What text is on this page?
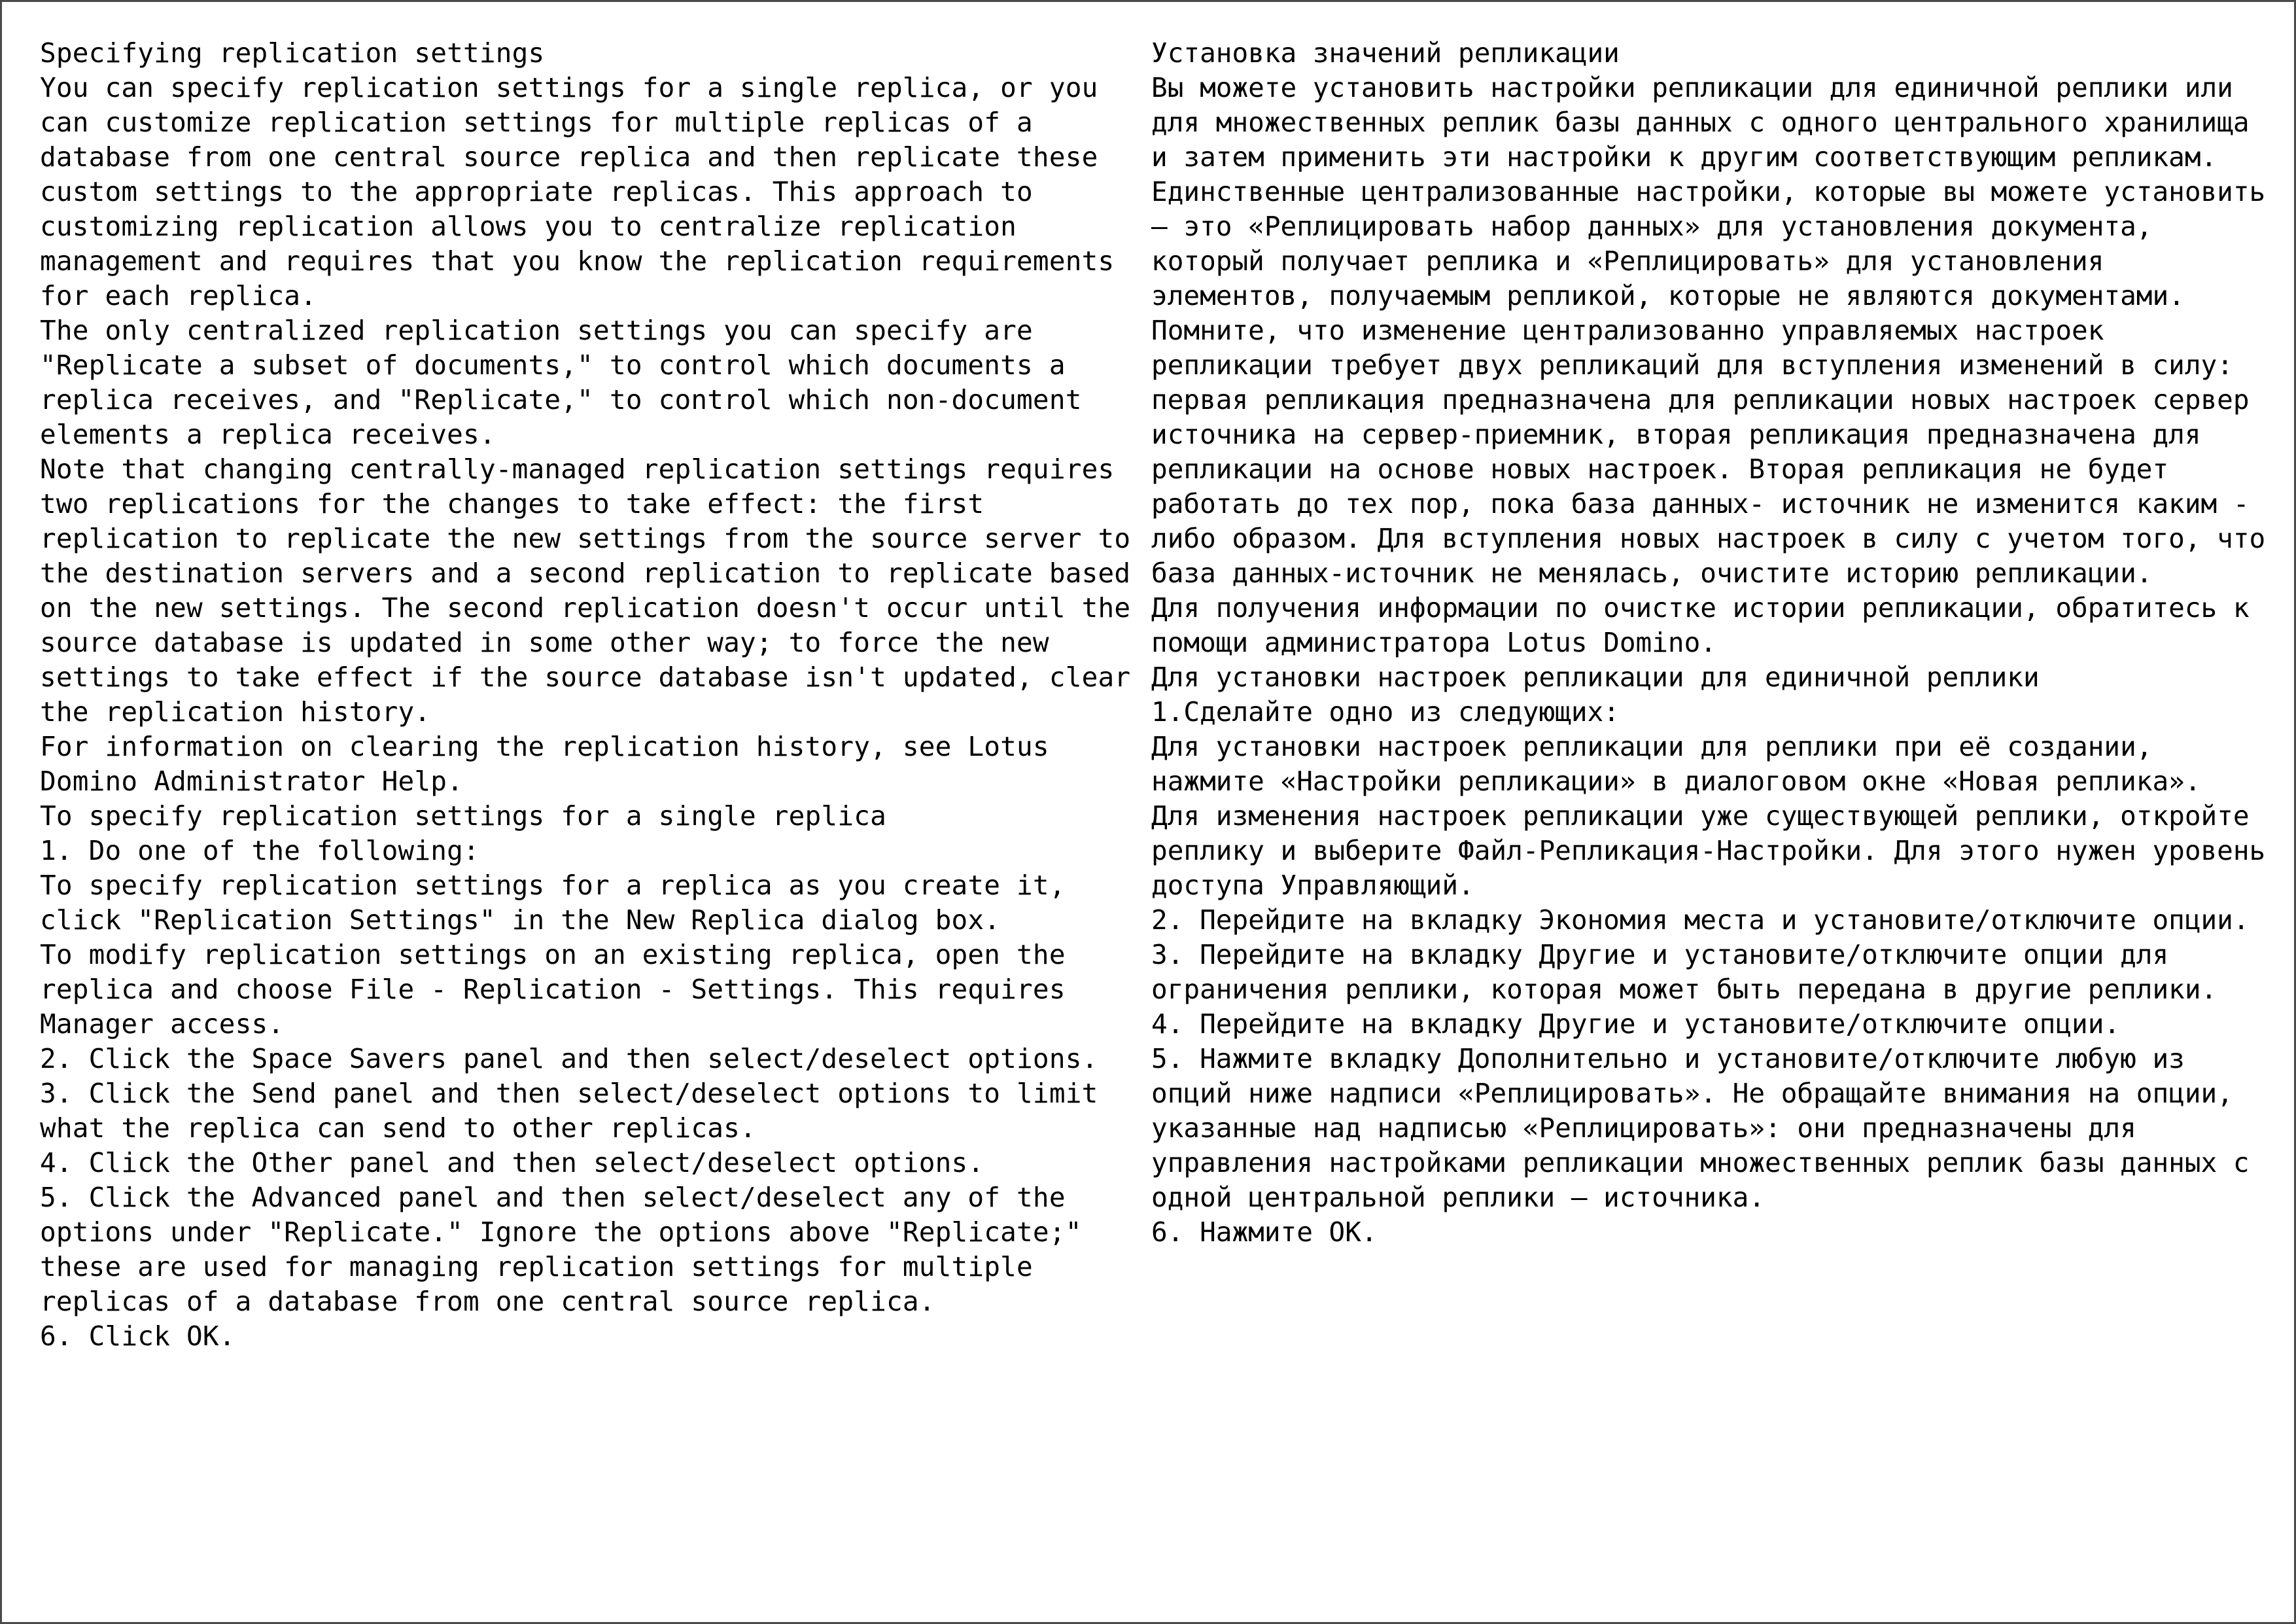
Specifying replication settings
You can specify replication settings for a single replica, or you can customize replication settings for multiple replicas of a database from one central source replica and then replicate these custom settings to the appropriate replicas. This approach to customizing replication allows you to centralize replication management and requires that you know the replication requirements for each replica.
The only centralized replication settings you can specify are "Replicate a subset of documents," to control which documents a replica receives, and "Replicate," to control which non-document elements a replica receives.
Note that changing centrally-managed replication settings requires two replications for the changes to take effect: the first replication to replicate the new settings from the source server to the destination servers and a second replication to replicate based on the new settings. The second replication doesn't occur until the source database is updated in some other way; to force the new settings to take effect if the source database isn't updated, clear the replication history.
For information on clearing the replication history, see Lotus Domino Administrator Help.
To specify replication settings for a single replica
1. Do one of the following:
To specify replication settings for a replica as you create it, click "Replication Settings" in the New Replica dialog box.
To modify replication settings on an existing replica, open the replica and choose File - Replication - Settings. This requires Manager access.
2. Click the Space Savers panel and then select/deselect options.
3. Click the Send panel and then select/deselect options to limit what the replica can send to other replicas.
4. Click the Other panel and then select/deselect options.
5. Click the Advanced panel and then select/deselect any of the options under "Replicate." Ignore the options above "Replicate;" these are used for managing replication settings for multiple replicas of a database from one central source replica.
6. Click OK.
Установка значений репликации
Вы можете установить настройки репликации для единичной реплики или для множественных реплик базы данных с одного центрального хранилища и затем применить эти настройки к другим соответствующим репликам.
Единственные централизованные настройки, которые вы можете установить – это «Реплицировать набор данных» для установления документа, который получает реплика и «Реплицировать» для установления элементов, получаемым репликой, которые не являются документами.
Помните, что изменение централизованно управляемых настроек репликации требует двух репликаций для вступления изменений в силу: первая репликация предназначена для репликации новых настроек сервер источника на сервер-приемник, вторая репликация предназначена для репликации на основе новых настроек. Вторая репликация не будет работать до тех пор, пока база данных- источник не изменится каким - либо образом. Для вступления новых настроек в силу с учетом того, что база данных-источник не менялась, очистите историю репликации.
Для получения информации по очистке истории репликации, обратитесь к помощи администратора Lotus Domino.
Для установки настроек репликации для единичной реплики
1.Сделайте одно из следующих:
Для установки настроек репликации для реплики при её создании, нажмите «Настройки репликации» в диалоговом окне «Новая реплика».
Для изменения настроек репликации уже существующей реплики, откройте реплику и выберите Файл-Репликация-Настройки. Для этого нужен уровень доступа Управляющий.
2. Перейдите на вкладку Экономия места и установите/отключите опции.
3. Перейдите на вкладку Другие и установите/отключите опции для ограничения реплики, которая может быть передана в другие реплики.
4. Перейдите на вкладку Другие и установите/отключите опции.
5. Нажмите вкладку Дополнительно и установите/отключите любую из опций ниже надписи «Реплицировать». Не обращайте внимания на опции, указанные над надписью «Реплицировать»: они предназначены для управления настройками репликации множественных реплик базы данных с одной центральной реплики – источника.
6. Нажмите ОК.
